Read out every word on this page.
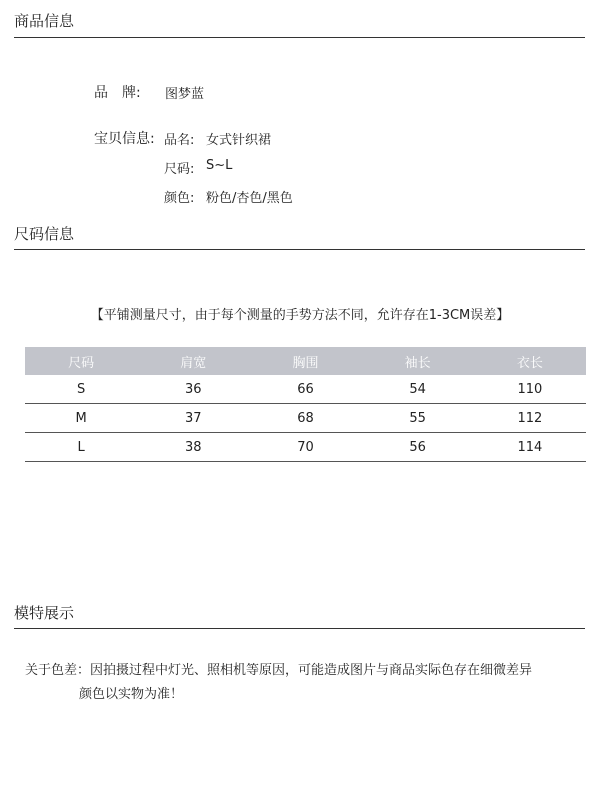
商品信息
品　牌: 图梦蓝
宝贝信息: 品名: 女式针织裙
尺码: S~L
颜色: 粉色/杏色/黑色
尺码信息
【平铺测量尺寸，由于每个测量的手势方法不同，允许存在1-3CM误差】
尺码	肩宽	胸围	袖长	衣长
S	36	66	54	110
M	37	68	55	112
L	38	70	56	114
模特展示
关于色差：因拍摄过程中灯光、照相机等原因，可能造成图片与商品实际色存在细微差异
颜色以实物为准！
